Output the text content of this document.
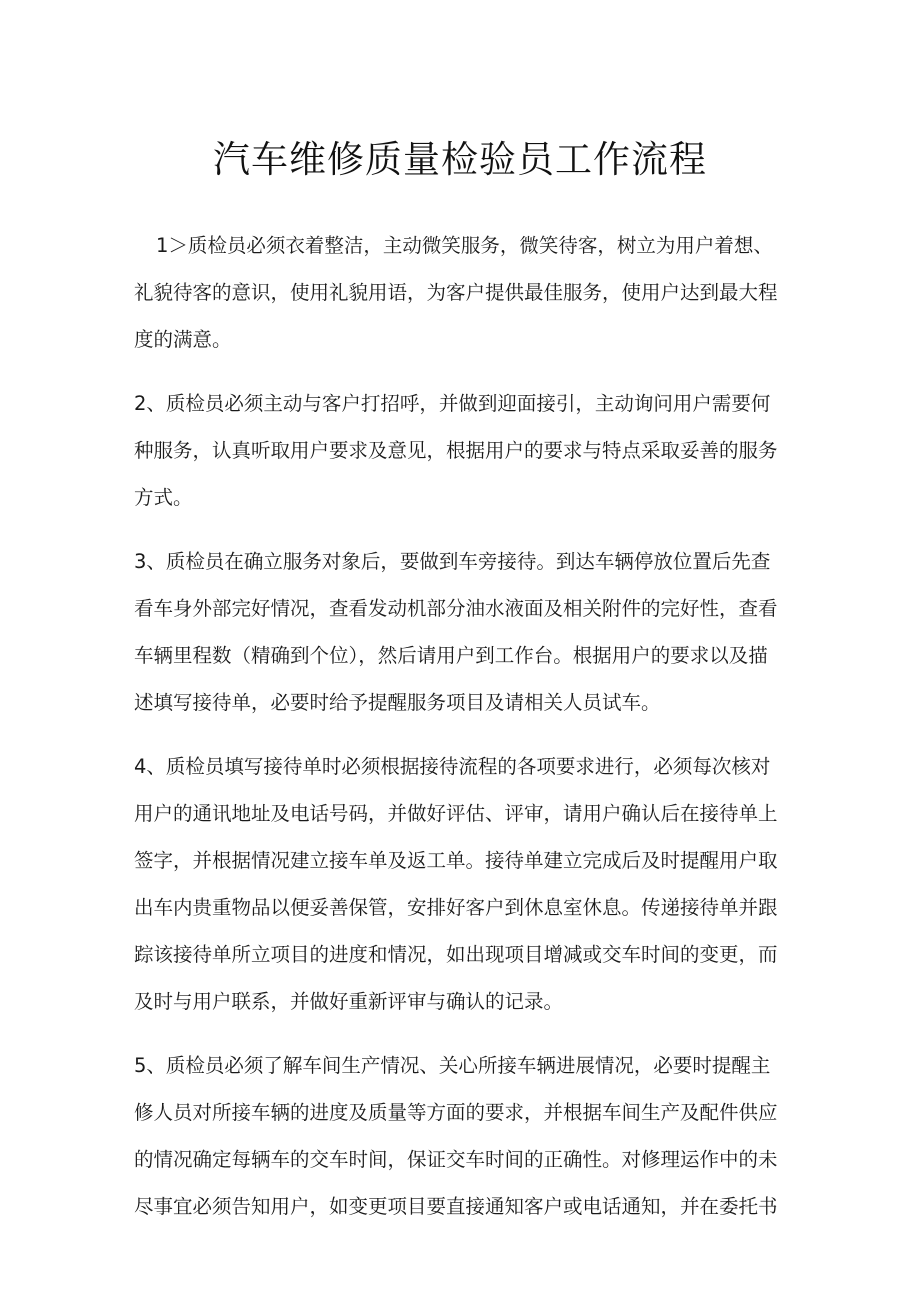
汽车维修质量检验员工作流程
1＞质检员必须衣着整洁，主动微笑服务，微笑待客，树立为用户着想、
礼貌待客的意识，使用礼貌用语，为客户提供最佳服务，使用户达到最大程
度的满意。
2、质检员必须主动与客户打招呼，并做到迎面接引，主动询问用户需要何
种服务，认真听取用户要求及意见，根据用户的要求与特点采取妥善的服务
方式。
3、质检员在确立服务对象后，要做到车旁接待。到达车辆停放位置后先查
看车身外部完好情况，查看发动机部分油水液面及相关附件的完好性，查看
车辆里程数（精确到个位），然后请用户到工作台。根据用户的要求以及描
述填写接待单，必要时给予提醒服务项目及请相关人员试车。
4、质检员填写接待单时必须根据接待流程的各项要求进行，必须每次核对
用户的通讯地址及电话号码，并做好评估、评审，请用户确认后在接待单上
签字，并根据情况建立接车单及返工单。接待单建立完成后及时提醒用户取
出车内贵重物品以便妥善保管，安排好客户到休息室休息。传递接待单并跟
踪该接待单所立项目的进度和情况，如出现项目增减或交车时间的变更，而
及时与用户联系，并做好重新评审与确认的记录。
5、质检员必须了解车间生产情况、关心所接车辆进展情况，必要时提醒主
修人员对所接车辆的进度及质量等方面的要求，并根据车间生产及配件供应
的情况确定每辆车的交车时间，保证交车时间的正确性。对修理运作中的未
尽事宜必须告知用户，如变更项目要直接通知客户或电话通知，并在委托书
